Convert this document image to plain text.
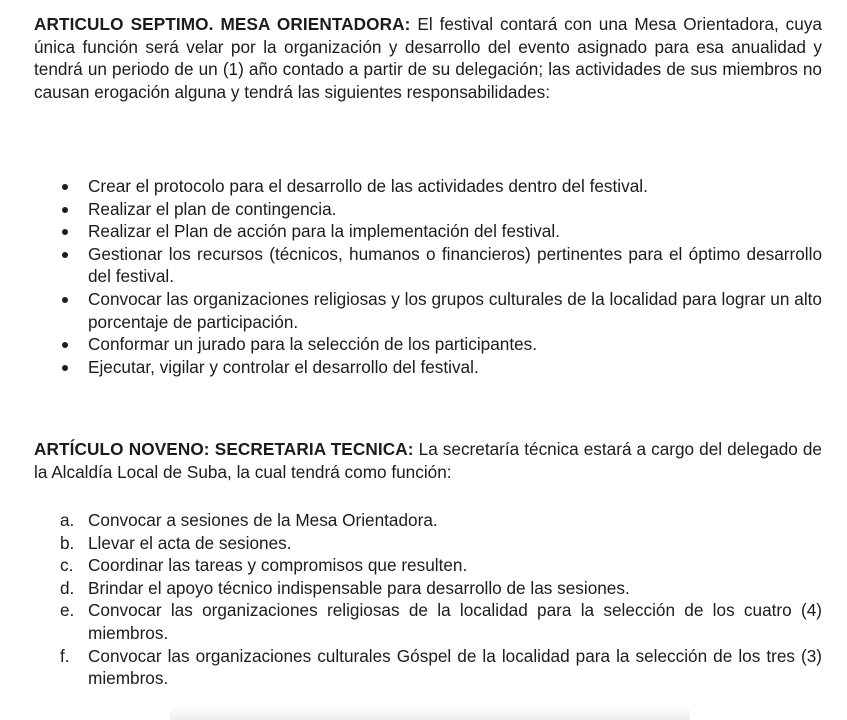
ARTICULO SEPTIMO. MESA ORIENTADORA: El festival contará con una Mesa Orientadora, cuya única función será velar por la organización y desarrollo del evento asignado para esa anualidad y tendrá un periodo de un (1) año contado a partir de su delegación; las actividades de sus miembros no causan erogación alguna y tendrá las siguientes responsabilidades:

Crear el protocolo para el desarrollo de las actividades dentro del festival.
Realizar el plan de contingencia.
Realizar el Plan de acción para la implementación del festival.
Gestionar los recursos (técnicos, humanos o financieros) pertinentes para el óptimo desarrollo del festival.
Convocar las organizaciones religiosas y los grupos culturales de la localidad para lograr un alto porcentaje de participación.
Conformar un jurado para la selección de los participantes.
Ejecutar, vigilar y controlar el desarrollo del festival.

ARTÍCULO NOVENO: SECRETARIA TECNICA: La secretaría técnica estará a cargo del delegado de la Alcaldía Local de Suba, la cual tendrá como función:

a. Convocar a sesiones de la Mesa Orientadora.
b. Llevar el acta de sesiones.
c. Coordinar las tareas y compromisos que resulten.
d. Brindar el apoyo técnico indispensable para desarrollo de las sesiones.
e. Convocar las organizaciones religiosas de la localidad para la selección de los cuatro (4) miembros.
f.	Convocar las organizaciones culturales Góspel de la localidad para la selección de los tres (3) miembros.
